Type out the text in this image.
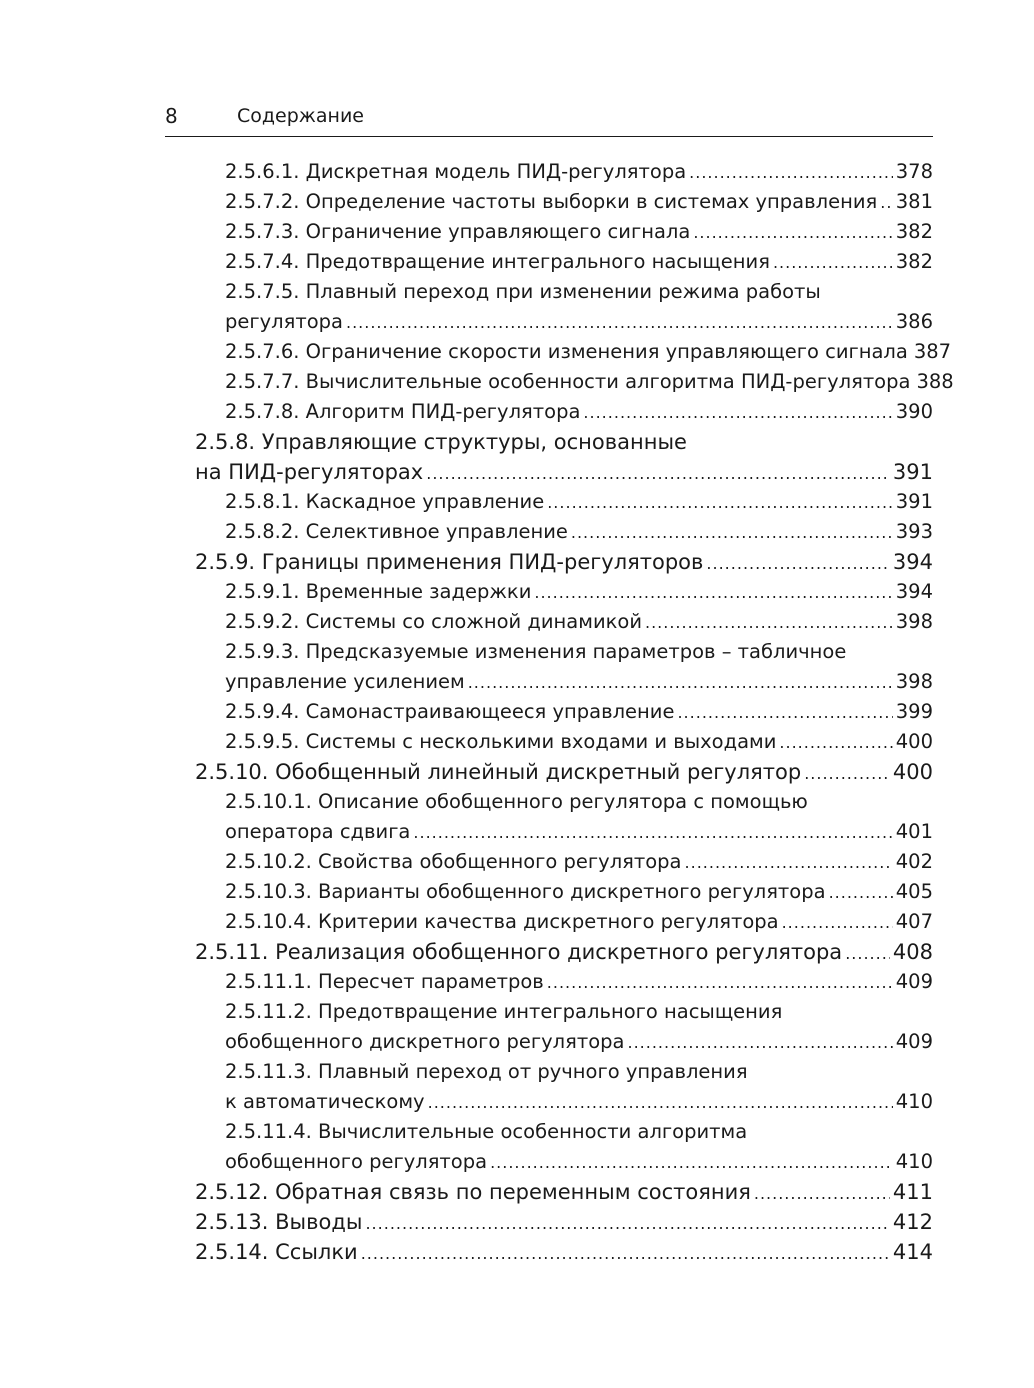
8	Содержание
2.5.6.1. Дискретная модель ПИД-регулятора .....	378
2.5.7.2. Определение частоты выборки в системах управления ..... 381
2.5.7.3. Ограничение управляющего сигнала .....	382
2.5.7.4. Предотвращение интегрального насыщения .....	382
2.5.7.5. Плавный переход при изменении режима работы
регулятора .....	386
2.5.7.6. Ограничение скорости изменения управляющего сигнала 387
2.5.7.7. Вычислительные особенности алгоритма ПИД-регулятора 388
2.5.7.8. Алгоритм ПИД-регулятора .....	390
2.5.8. Управляющие структуры, основанные
на ПИД-регуляторах .....	391
2.5.8.1. Каскадное управление .....	391
2.5.8.2. Селективное управление .....	393
2.5.9. Границы применения ПИД-регуляторов .....	394
2.5.9.1. Временные задержки .....	394
2.5.9.2. Системы со сложной динамикой .....	398
2.5.9.3. Предсказуемые изменения параметров – табличное
управление усилением .....	398
2.5.9.4. Самонастраивающееся управление .....	399
2.5.9.5. Системы с несколькими входами и выходами .....	400
2.5.10. Обобщенный линейный дискретный регулятор .....	400
2.5.10.1. Описание обобщенного регулятора с помощью
оператора сдвига .....	401
2.5.10.2. Свойства обобщенного регулятора .....	402
2.5.10.3. Варианты обобщенного дискретного регулятора .....	405
2.5.10.4. Критерии качества дискретного регулятора .....	407
2.5.11. Реализация обобщенного дискретного регулятора ..... 408
2.5.11.1. Пересчет параметров .....	409
2.5.11.2. Предотвращение интегрального насыщения
обобщенного дискретного регулятора .....	409
2.5.11.3. Плавный переход от ручного управления
к автоматическому .....	410
2.5.11.4. Вычислительные особенности алгоритма
обобщенного регулятора .....	410
2.5.12. Обратная связь по переменным состояния .....	411
2.5.13. Выводы .....	412
2.5.14. Ссылки .....	414
